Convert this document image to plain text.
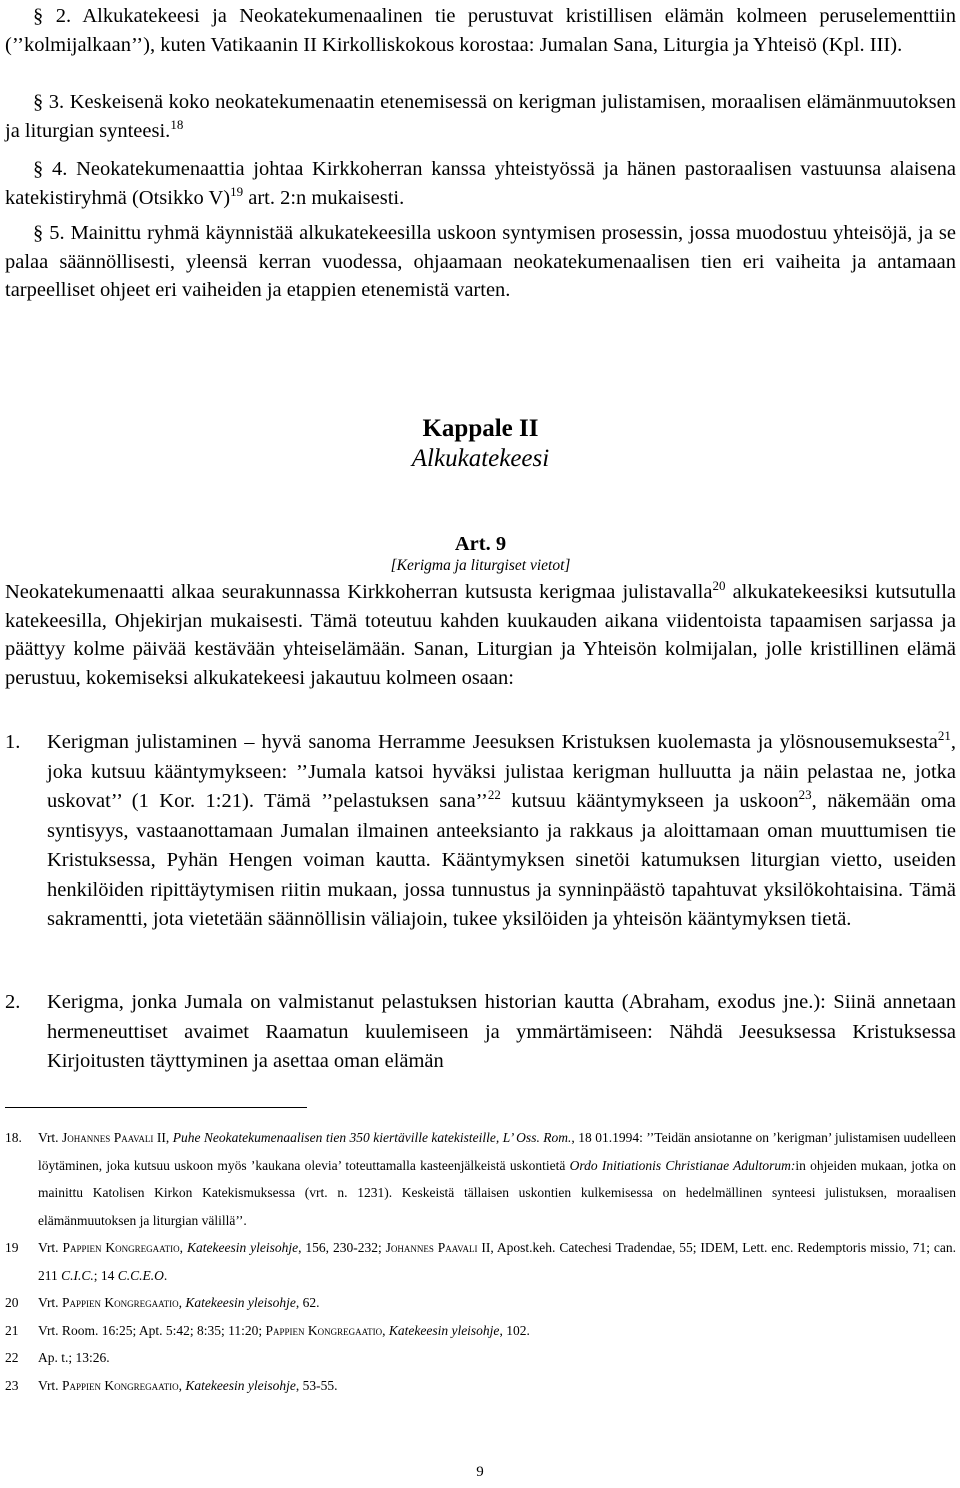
§ 2. Alkukatekeesi ja Neokatekumenaalinen tie perustuvat kristillisen elämän kolmeen peruselementtiin (’’kolmijalkaan’’), kuten Vatikaanin II Kirkolliskokous korostaa: Jumalan Sana, Liturgia ja Yhteisö (Kpl. III).

§ 3. Keskeisenä koko neokatekumenaatin etenemisessä on kerigman julistamisen, moraalisen elämänmuutoksen ja liturgian synteesi.$^{18}$

§ 4. Neokatekumenaattia johtaa Kirkkoherran kanssa yhteistyössä ja hänen pastoraalisen vastuunsa alaisena katekistiryhmä (Otsikko V)$^{19}$ art. 2:n mukaisesti.

§ 5. Mainittu ryhmä käynnistää alkukatekeesilla uskoon syntymisen prosessin, jossa muodostuu yhteisöjä, ja se palaa säännöllisesti, yleensä kerran vuodessa, ohjaamaan neokatekumenaalisen tien eri vaiheita ja antamaan tarpeelliset ohjeet eri vaiheiden ja etappien etenemistä varten.

Kappale II

Alkukatekeesi

Art. 9

[Kerigma ja liturgiset vietot]

Neokatekumenaatti alkaa seurakunnassa Kirkkoherran kutsusta kerigmaa julistavalla$^{20}$ alkukatekeesiksi kutsutulla katekeesilla, Ohjekirjan mukaisesti. Tämä toteutuu kahden kuukauden aikana viidentoista tapaamisen sarjassa ja päättyy kolme päivää kestävään yhteiselämään. Sanan, Liturgian ja Yhteisön kolmijalan, jolle kristillinen elämä perustuu, kokemiseksi alkukatekeesi jakautuu kolmeen osaan:

1.	Kerigman julistaminen – hyvä sanoma Herramme Jeesuksen Kristuksen kuolemasta ja ylösnousemuksesta$^{21}$, joka kutsuu kääntymykseen: ’’Jumala katsoi hyväksi julistaa kerigman hulluutta ja näin pelastaa ne, jotka uskovat’’ (1 Kor. 1:21). Tämä ’’pelastuksen sana’’$^{22}$ kutsuu kääntymykseen ja uskoon$^{23}$, näkemään oma syntisyys, vastaanottamaan Jumalan ilmainen anteeksianto ja rakkaus ja aloittamaan oman muuttumisen tie Kristuksessa, Pyhän Hengen voiman kautta. Kääntymyksen sinetöi katumuksen liturgian vietto, useiden henkilöiden ripittäytymisen riitin mukaan, jossa tunnustus ja synninpäästö tapahtuvat yksilökohtaisina. Tämä sakramentti, jota vietetään säännöllisin väliajoin, tukee yksilöiden ja yhteisön kääntymyksen tietä.

2.	Kerigma, jonka Jumala on valmistanut pelastuksen historian kautta (Abraham, exodus jne.): Siinä annetaan hermeneuttiset avaimet Raamatun kuulemiseen ja ymmärtämiseen: Nähdä Jeesuksessa Kristuksessa Kirjoitusten täyttyminen ja asettaa oman elämän

18.	Vrt. Johannes Paavali II, Puhe Neokatekumenaalisen tien 350 kiertäville katekisteille, L’ Oss. Rom., 18 01.1994: ’’Teidän ansiotanne on ’kerigman’ julistamisen uudelleen löytäminen, joka kutsuu uskoon myös ’kaukana olevia’ toteuttamalla kasteenjälkeistä uskontietä Ordo Initiationis Christianae Adultorum:in ohjeiden mukaan, jotka on mainittu Katolisen Kirkon Katekismuksessa (vrt. n. 1231). Keskeistä tällaisen uskontien kulkemisessa on hedelmällinen synteesi julistuksen, moraalisen elämänmuutoksen ja liturgian välillä’’.

19	Vrt. Pappien Kongregaatio, Katekeesin yleisohje, 156, 230-232; Johannes Paavali II, Apost.keh. Catechesi Tradendae, 55; IDEM, Lett. enc. Redemptoris missio, 71; can. 211 C.I.C.; 14 C.C.E.O.

20	Vrt. Pappien Kongregaatio, Katekeesin yleisohje, 62.

21	Vrt. Room. 16:25; Apt. 5:42; 8:35; 11:20; Pappien Kongregaatio, Katekeesin yleisohje, 102.

22	Ap. t.; 13:26.

23	Vrt. Pappien Kongregaatio, Katekeesin yleisohje, 53-55.

9
